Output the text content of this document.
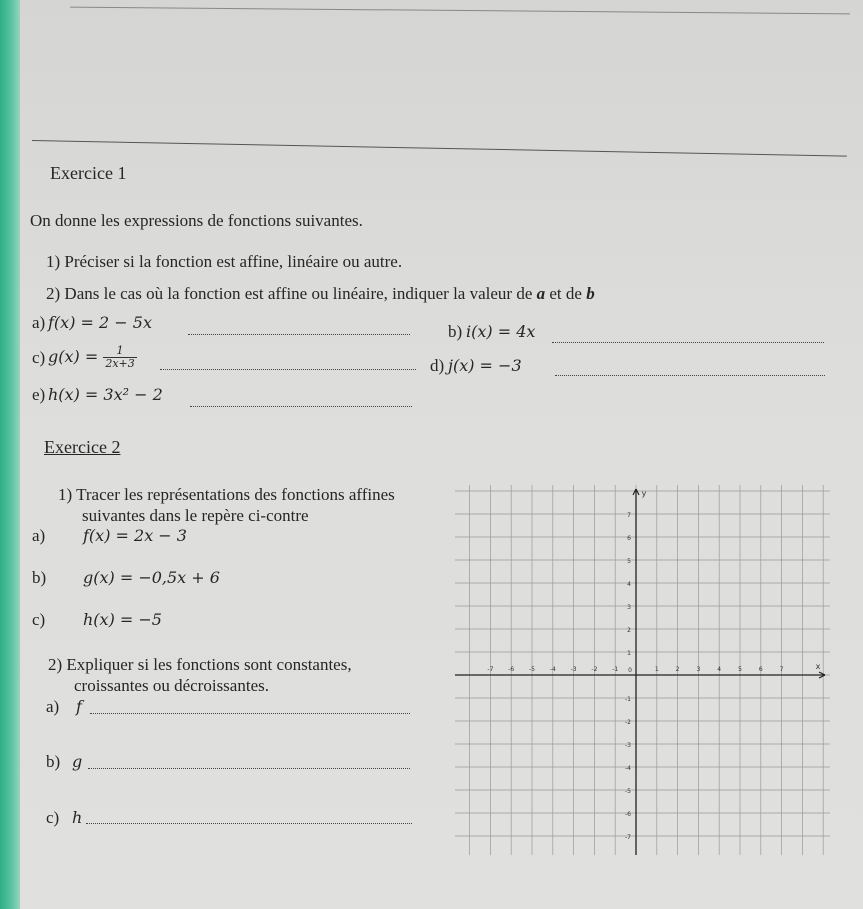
Exercice 1
On donne les expressions de fonctions suivantes.
1) Préciser si la fonction est affine, linéaire ou autre.
2) Dans le cas où la fonction est affine ou linéaire, indiquer la valeur de a et de b
a) f(x) = 2 − 5x	b) i(x) = 4x
c) $g(x) = \frac{1}{2x+3}$	d) j(x) = −3
e) h(x) = 3x² − 2
Exercice 2
1) Tracer les représentations des fonctions affines
suivantes dans le repère ci-contre
a) f(x) = 2x − 3
b) g(x) = −0,5x + 6
c) h(x) = −5
2) Expliquer si les fonctions sont constantes,
croissantes ou décroissantes.
a) f
b) g
c) h
-7 -6 -5 -4 -3 -2 -1	1	2	3	4	5	6	7
7
6
5
4
3
2
1
-1
-2
-3
-4
-5
-6
-7
0	x
y
